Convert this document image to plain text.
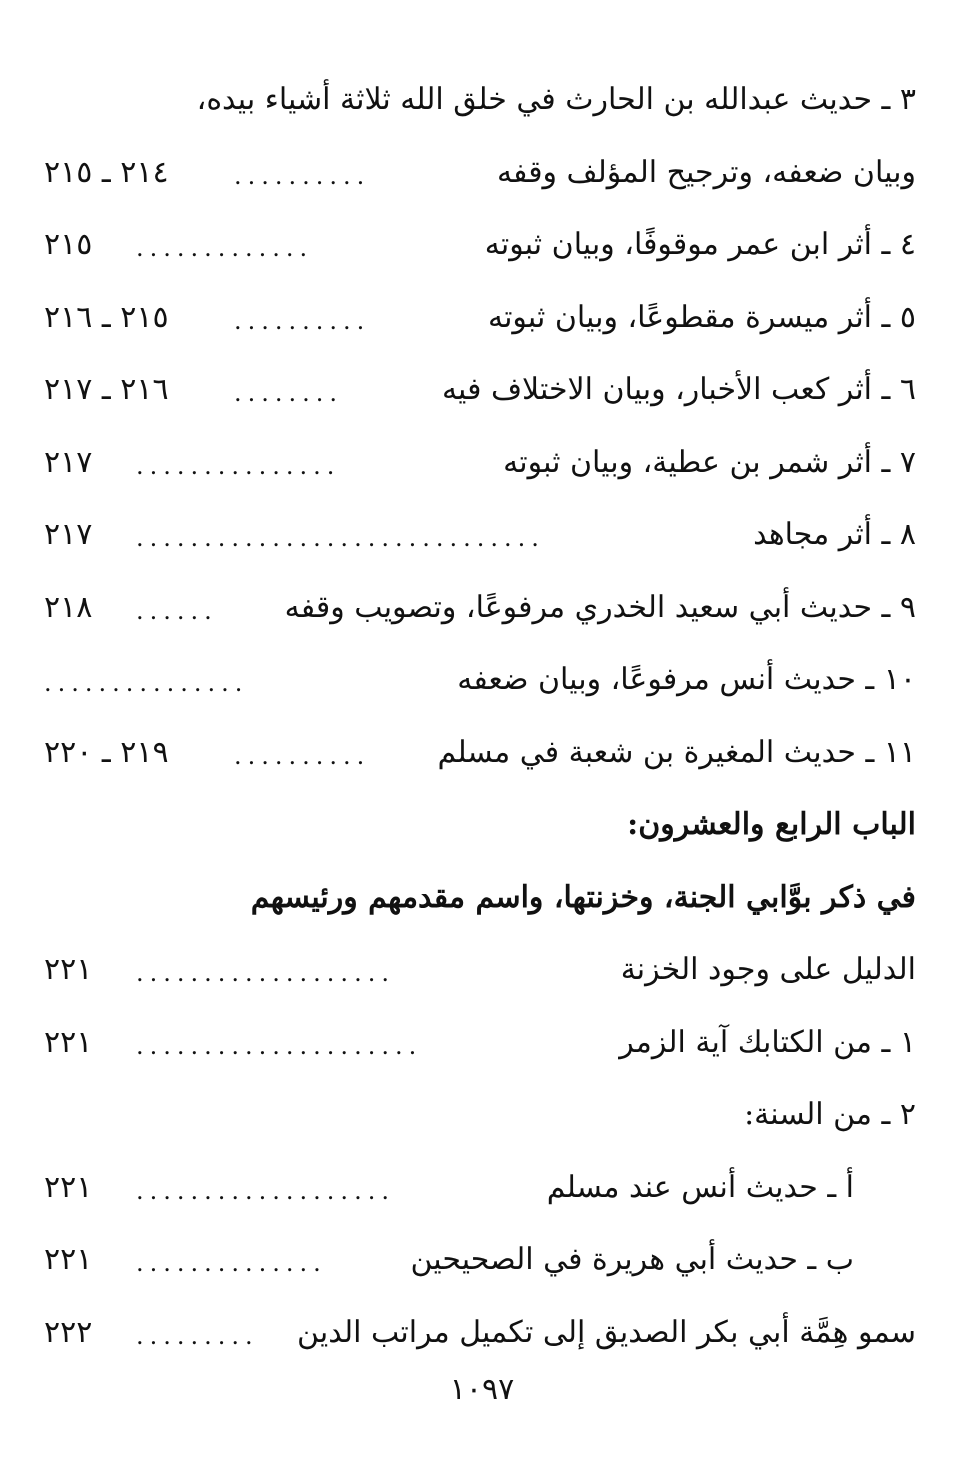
٣ ـ حديث عبدالله بن الحارث في خلق الله ثلاثة أشياء بيده،
وبيان ضعفه، وترجيح المؤلف وقفه
..........
٢١٤ ـ ٢١٥
٤ ـ أثر ابن عمر موقوفًا، وبيان ثبوته
.............
٢١٥
٥ ـ أثر ميسرة مقطوعًا، وبيان ثبوته
..........
٢١٥ ـ ٢١٦
٦ ـ أثر كعب الأخبار، وبيان الاختلاف فيه
........
٢١٦ ـ ٢١٧
٧ ـ أثر شمر بن عطية، وبيان ثبوته
...............
٢١٧
٨ ـ أثر مجاهد
..............................
٢١٧
٩ ـ حديث أبي سعيد الخدري مرفوعًا، وتصويب وقفه
......
٢١٨
١٠ ـ حديث أنس مرفوعًا، وبيان ضعفه
...............
١١ ـ حديث المغيرة بن شعبة في مسلم
..........
٢١٩ ـ ٢٢٠
الباب الرابع والعشرون:
في ذكر بوَّابي الجنة، وخزنتها، واسم مقدمهم ورئيسهم
الدليل على وجود الخزنة
...................
٢٢١
١ ـ من الكتابك آية الزمر
.....................
٢٢١
٢ ـ من السنة:
أ ـ حديث أنس عند مسلم
...................
٢٢١
ب ـ حديث أبي هريرة في الصحيحين
..............
٢٢١
سمو هِمَّة أبي بكر الصديق إلى تكميل مراتب الدين
.........
٢٢٢
١٠٩٧
